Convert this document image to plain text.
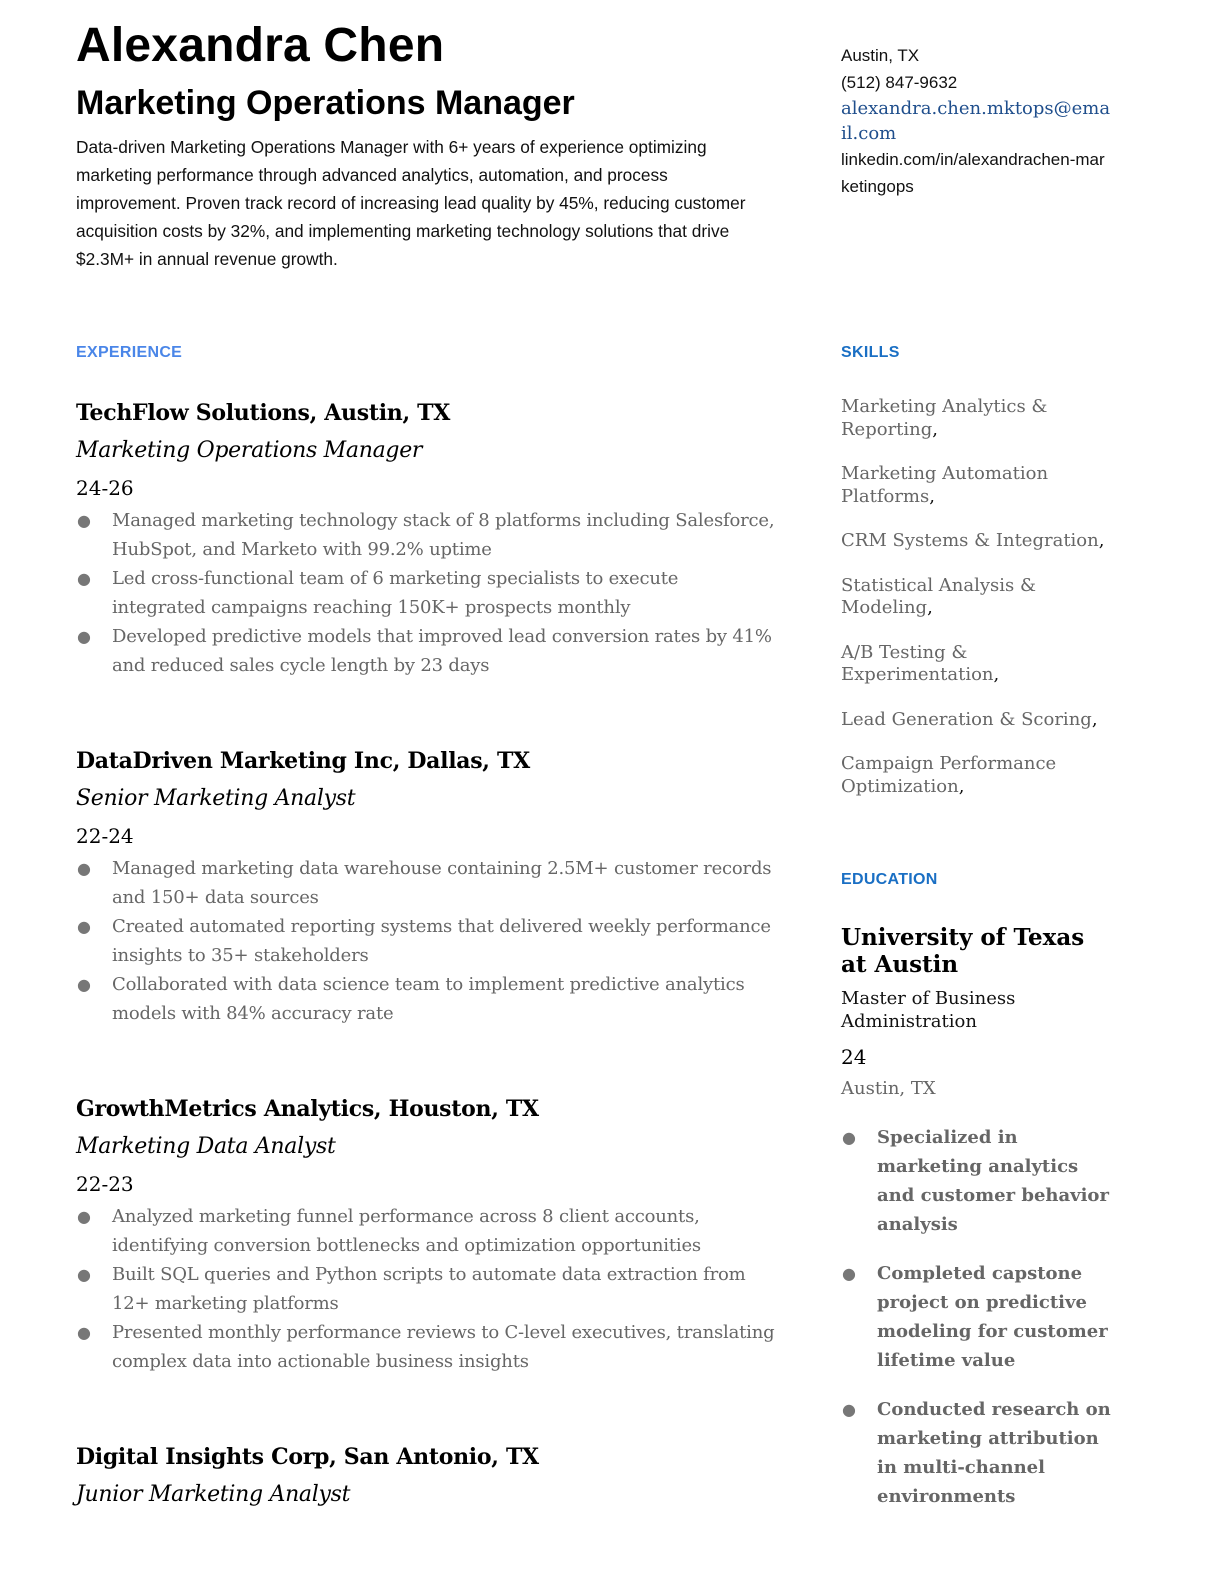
Alexandra Chen
Marketing Operations Manager
Data-driven Marketing Operations Manager with 6+ years of experience optimizing marketing performance through advanced analytics, automation, and process improvement. Proven track record of increasing lead quality by 45%, reducing customer acquisition costs by 32%, and implementing marketing technology solutions that drive $2.3M+ in annual revenue growth.
EXPERIENCE
TechFlow Solutions, Austin, TX
Marketing Operations Manager
24-26
● Managed marketing technology stack of 8 platforms including Salesforce, HubSpot, and Marketo with 99.2% uptime
● Led cross-functional team of 6 marketing specialists to execute integrated campaigns reaching 150K+ prospects monthly
● Developed predictive models that improved lead conversion rates by 41% and reduced sales cycle length by 23 days
DataDriven Marketing Inc, Dallas, TX
Senior Marketing Analyst
22-24
● Managed marketing data warehouse containing 2.5M+ customer records and 150+ data sources
● Created automated reporting systems that delivered weekly performance insights to 35+ stakeholders
● Collaborated with data science team to implement predictive analytics models with 84% accuracy rate
GrowthMetrics Analytics, Houston, TX
Marketing Data Analyst
22-23
● Analyzed marketing funnel performance across 8 client accounts, identifying conversion bottlenecks and optimization opportunities
● Built SQL queries and Python scripts to automate data extraction from 12+ marketing platforms
● Presented monthly performance reviews to C-level executives, translating complex data into actionable business insights
Digital Insights Corp, San Antonio, TX
Junior Marketing Analyst
Austin, TX
(512) 847-9632
alexandra.chen.mktops@email.com
linkedin.com/in/alexandrachen-marketingops
SKILLS
Marketing Analytics & Reporting,
Marketing Automation Platforms,
CRM Systems & Integration,
Statistical Analysis & Modeling,
A/B Testing & Experimentation,
Lead Generation & Scoring,
Campaign Performance Optimization,
EDUCATION
University of Texas at Austin
Master of Business Administration
24
Austin, TX
● Specialized in marketing analytics and customer behavior analysis
● Completed capstone project on predictive modeling for customer lifetime value
● Conducted research on marketing attribution in multi-channel environments
